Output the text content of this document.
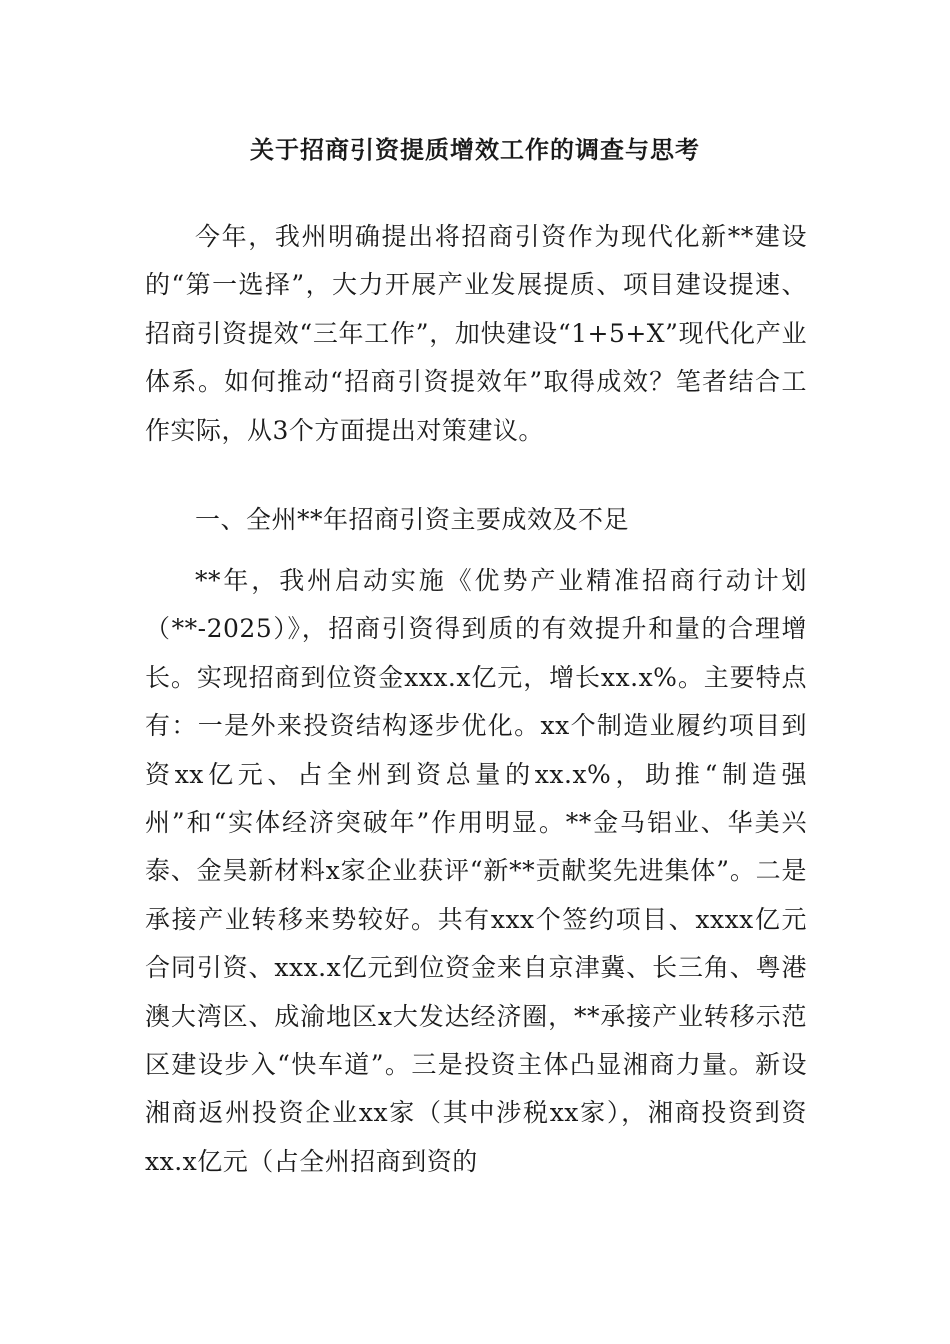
关于招商引资提质增效工作的调查与思考

今年，我州明确提出将招商引资作为现代化新**建设的“第一选择”，大力开展产业发展提质、项目建设提速、招商引资提效“三年工作”，加快建设“1+5+X”现代化产业体系。如何推动“招商引资提效年”取得成效？笔者结合工作实际，从3个方面提出对策建议。

一、全州**年招商引资主要成效及不足

**年，我州启动实施《优势产业精准招商行动计划（**-2025）》，招商引资得到质的有效提升和量的合理增长。实现招商到位资金xxx.x亿元，增长xx.x%。主要特点有：一是外来投资结构逐步优化。xx个制造业履约项目到资xx亿元、占全州到资总量的xx.x%，助推“制造强州”和“实体经济突破年”作用明显。**金马铝业、华美兴泰、金昊新材料x家企业获评“新**贡献奖先进集体”。二是承接产业转移来势较好。共有xxx个签约项目、xxxx亿元合同引资、xxx.x亿元到位资金来自京津冀、长三角、粤港澳大湾区、成渝地区x大发达经济圈，**承接产业转移示范区建设步入“快车道”。三是投资主体凸显湘商力量。新设湘商返州投资企业xx家（其中涉税xx家），湘商投资到资xx.x亿元（占全州招商到资的
